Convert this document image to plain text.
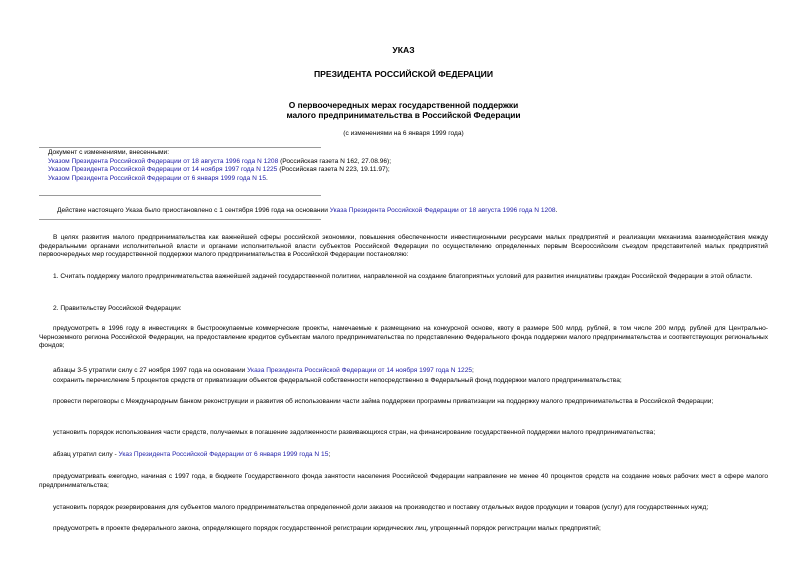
УКАЗ
ПРЕЗИДЕНТА РОССИЙСКОЙ ФЕДЕРАЦИИ
О первоочередных мерах государственной поддержки
малого предпринимательства в Российской Федерации
(с изменениями на 6 января 1999 года)
Документ с изменениями, внесенными:
Указом Президента Российской Федерации от 18 августа 1996 года N 1208 (Российская газета N 162, 27.08.96);
Указом Президента Российской Федерации от 14 ноября 1997 года N 1225 (Российская газета N 223, 19.11.97);
Указом Президента Российской Федерации от 6 января 1999 года N 15.
Действие настоящего Указа было приостановлено с 1 сентября 1996 года на основании Указа Президента Российской Федерации от 18 августа 1996 года N 1208.
В целях развития малого предпринимательства как важнейшей сферы российской экономики, повышения обеспеченности инвестиционными ресурсами малых предприятий и реализации механизма взаимодействия между федеральными органами исполнительной власти и органами исполнительной власти субъектов Российской Федерации по осуществлению определенных первым Всероссийским съездом представителей малых предприятий первоочередных мер государственной поддержки малого предпринимательства в Российской Федерации постановляю:
1. Считать поддержку малого предпринимательства важнейшей задачей государственной политики, направленной на создание благоприятных условий для развития инициативы граждан Российской Федерации в этой области.
2. Правительству Российской Федерации:
предусмотреть в 1996 году в инвестициях в быстроокупаемые коммерческие проекты, намечаемые к размещению на конкурсной основе, квоту в размере 500 млрд. рублей, в том числе 200 млрд. рублей для Центрально-Черноземного региона Российской Федерации, на предоставление кредитов субъектам малого предпринимательства по представлению Федерального фонда поддержки малого предпринимательства и соответствующих региональных фондов;
абзацы 3-5 утратили силу с 27 ноября 1997 года на основании Указа Президента Российской Федерации от 14 ноября 1997 года N 1225;
сохранить перечисление 5 процентов средств от приватизации объектов федеральной собственности непосредственно в Федеральный фонд поддержки малого предпринимательства;
провести переговоры с Международным банком реконструкции и развития об использовании части займа поддержки программы приватизации на поддержку малого предпринимательства в Российской Федерации;
установить порядок использования части средств, получаемых в погашение задолженности развивающихся стран, на финансирование государственной поддержки малого предпринимательства;
абзац утратил силу - Указ Президента Российской Федерации от 6 января 1999 года N 15;
предусматривать ежегодно, начиная с 1997 года, в бюджете Государственного фонда занятости населения Российской Федерации направление не менее 40 процентов средств на создание новых рабочих мест в сфере малого предпринимательства;
установить порядок резервирования для субъектов малого предпринимательства определенной доли заказов на производство и поставку отдельных видов продукции и товаров (услуг) для государственных нужд;
предусмотреть в проекте федерального закона, определяющего порядок государственной регистрации юридических лиц, упрощенный порядок регистрации малых предприятий;
